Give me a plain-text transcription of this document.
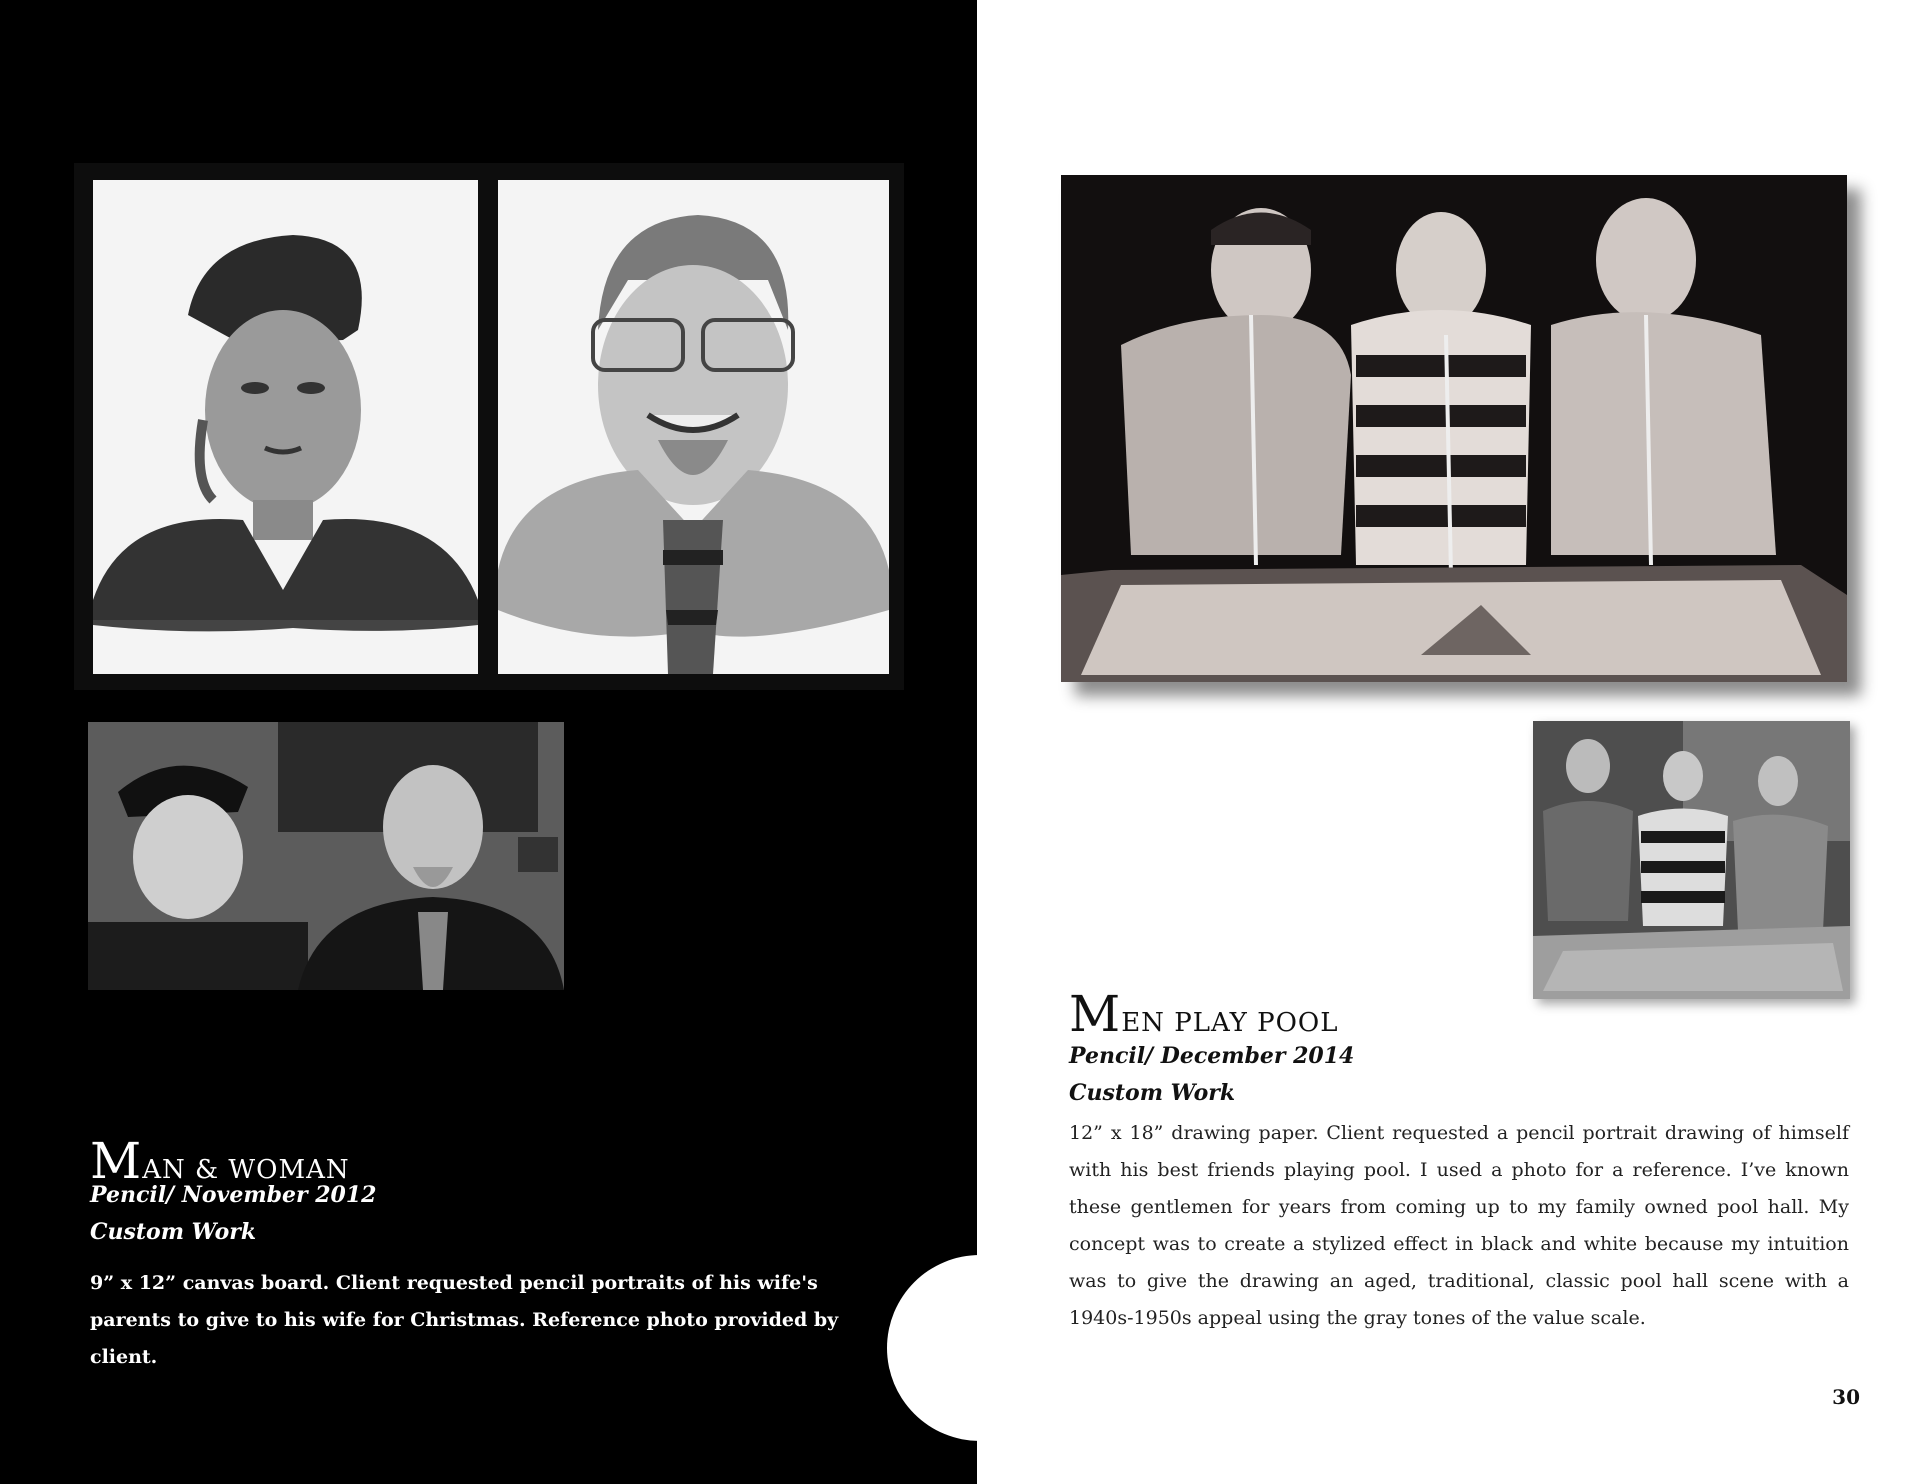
MAN & WOMAN

Pencil/ November 2012

Custom Work

9” x 12” canvas board. Client requested pencil portraits of his wife's parents to give to his wife for Christmas. Reference photo provided by client.

MEN PLAY POOL

Pencil/ December 2014

Custom Work

12” x 18” drawing paper. Client requested a pencil portrait drawing of himself with his best friends playing pool. I used a photo for a reference. I’ve known these gentlemen for years from coming up to my family owned pool hall. My concept was to create a stylized effect in black and white because my intuition was to give the drawing an aged, traditional, classic pool hall scene with a 1940s-1950s appeal using the gray tones of the value scale.

30
